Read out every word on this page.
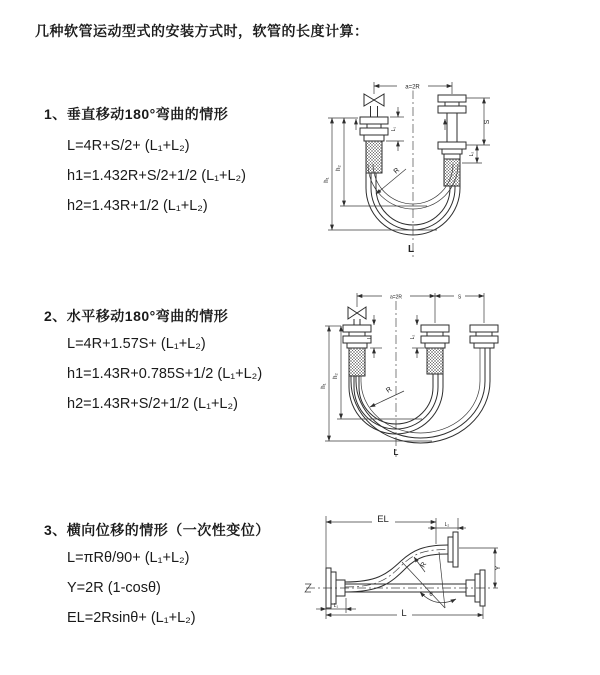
几种软管运动型式的安装方式时，软管的长度计算：
1、垂直移动180°弯曲的情形
L=4R+S/2+ (L₁+L₂)
h1=1.432R+S/2+1/2 (L₁+L₂)
h2=1.43R+1/2 (L₁+L₂)
a=2R
R
h₁
h₂
L₁
S
L₂
L
2、水平移动180°弯曲的情形
L=4R+1.57S+ (L₁+L₂)
h1=1.43R+0.785S+1/2 (L₁+L₂)
h2=1.43R+S/2+1/2 (L₁+L₂)
a=2R	S
R
h₁
h₂
L₁	L₂
L
3、横向位移的情形（一次性变位）
L=πRθ/90+ (L₁+L₂)
Y=2R (1-cosθ)
EL=2Rsinθ+ (L₁+L₂)
EL	L₂
Y
R
θ
L₁
L
